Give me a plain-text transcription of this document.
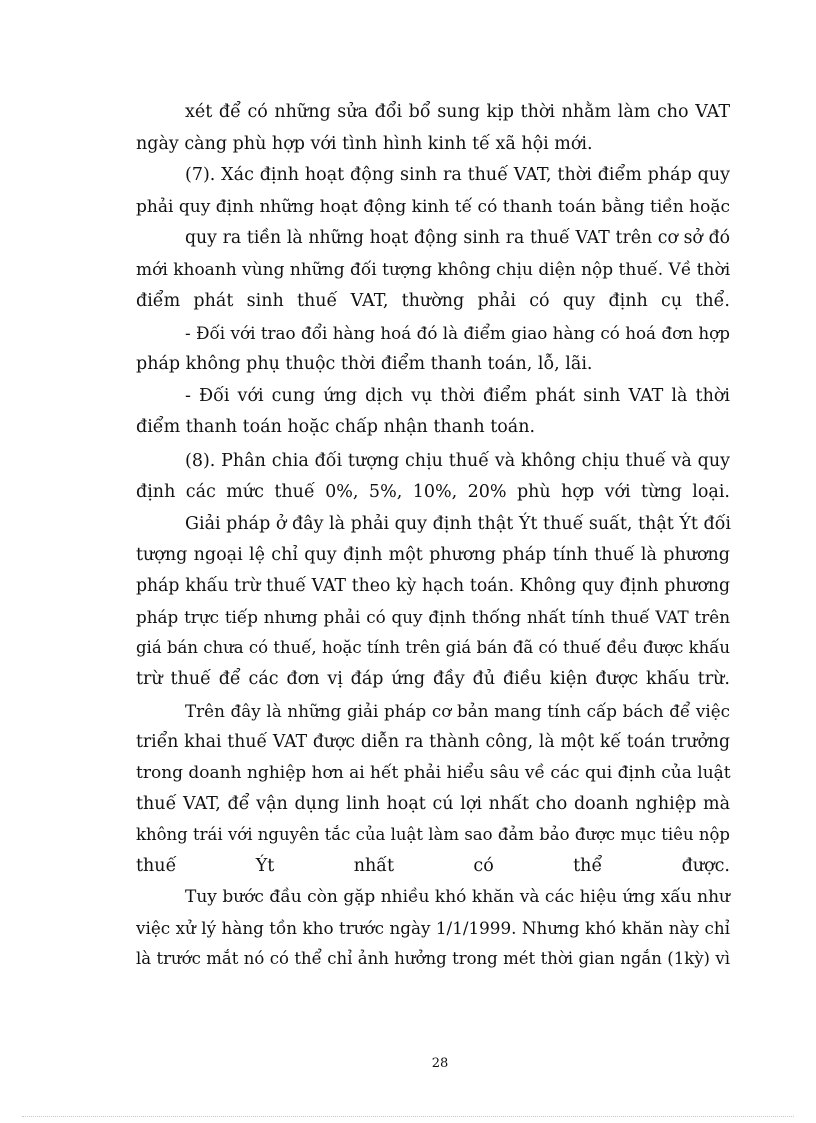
xét để có những sửa đổi bổ sung kịp thời nhằm làm cho VAT
ngày càng phù hợp với tình hình kinh tế xã hội mới.
(7). Xác định hoạt động sinh ra thuế VAT, thời điểm pháp quy
phải quy định những hoạt động kinh tế có thanh toán bằng tiền hoặc
quy ra tiền là những hoạt động sinh ra thuế VAT trên cơ sở đó
mới khoanh vùng những đối tượng không chịu diện nộp thuế. Về thời
điểm phát sinh thuế VAT, thường phải có quy định cụ thể.
- Đối với trao đổi hàng hoá đó là điểm giao hàng có hoá đơn hợp
pháp không phụ thuộc thời điểm thanh toán, lỗ, lãi.
- Đối với cung ứng dịch vụ thời điểm phát sinh VAT là thời
điểm thanh toán hoặc chấp nhận thanh toán.
(8). Phân chia đối tượng chịu thuế và không chịu thuế và quy
định các mức thuế 0%, 5%, 10%, 20% phù hợp với từng loại.
Giải pháp ở đây là phải quy định thật Ýt thuế suất, thật Ýt đối
tượng ngoại lệ chỉ quy định một phương pháp tính thuế là phương
pháp khấu trừ thuế VAT theo kỳ hạch toán. Không quy định phương
pháp trực tiếp nhưng phải có quy định thống nhất tính thuế VAT trên
giá bán chưa có thuế, hoặc tính trên giá bán đã có thuế đều được khấu
trừ thuế để các đơn vị đáp ứng đầy đủ điều kiện được khấu trừ.
Trên đây là những giải pháp cơ bản mang tính cấp bách để việc
triển khai thuế VAT được diễn ra thành công, là một kế toán trưởng
trong doanh nghiệp hơn ai hết phải hiểu sâu về các qui định của luật
thuế VAT, để vận dụng linh hoạt cú lợi nhất cho doanh nghiệp mà
không trái với nguyên tắc của luật làm sao đảm bảo được mục tiêu nộp
thuế Ýt nhất có thể được.
Tuy bước đầu còn gặp nhiều khó khăn và các hiệu ứng xấu như
việc xử lý hàng tồn kho trước ngày 1/1/1999. Nhưng khó khăn này chỉ
là trước mắt nó có thể chỉ ảnh hưởng trong mét thời gian ngắn (1kỳ) vì
28
